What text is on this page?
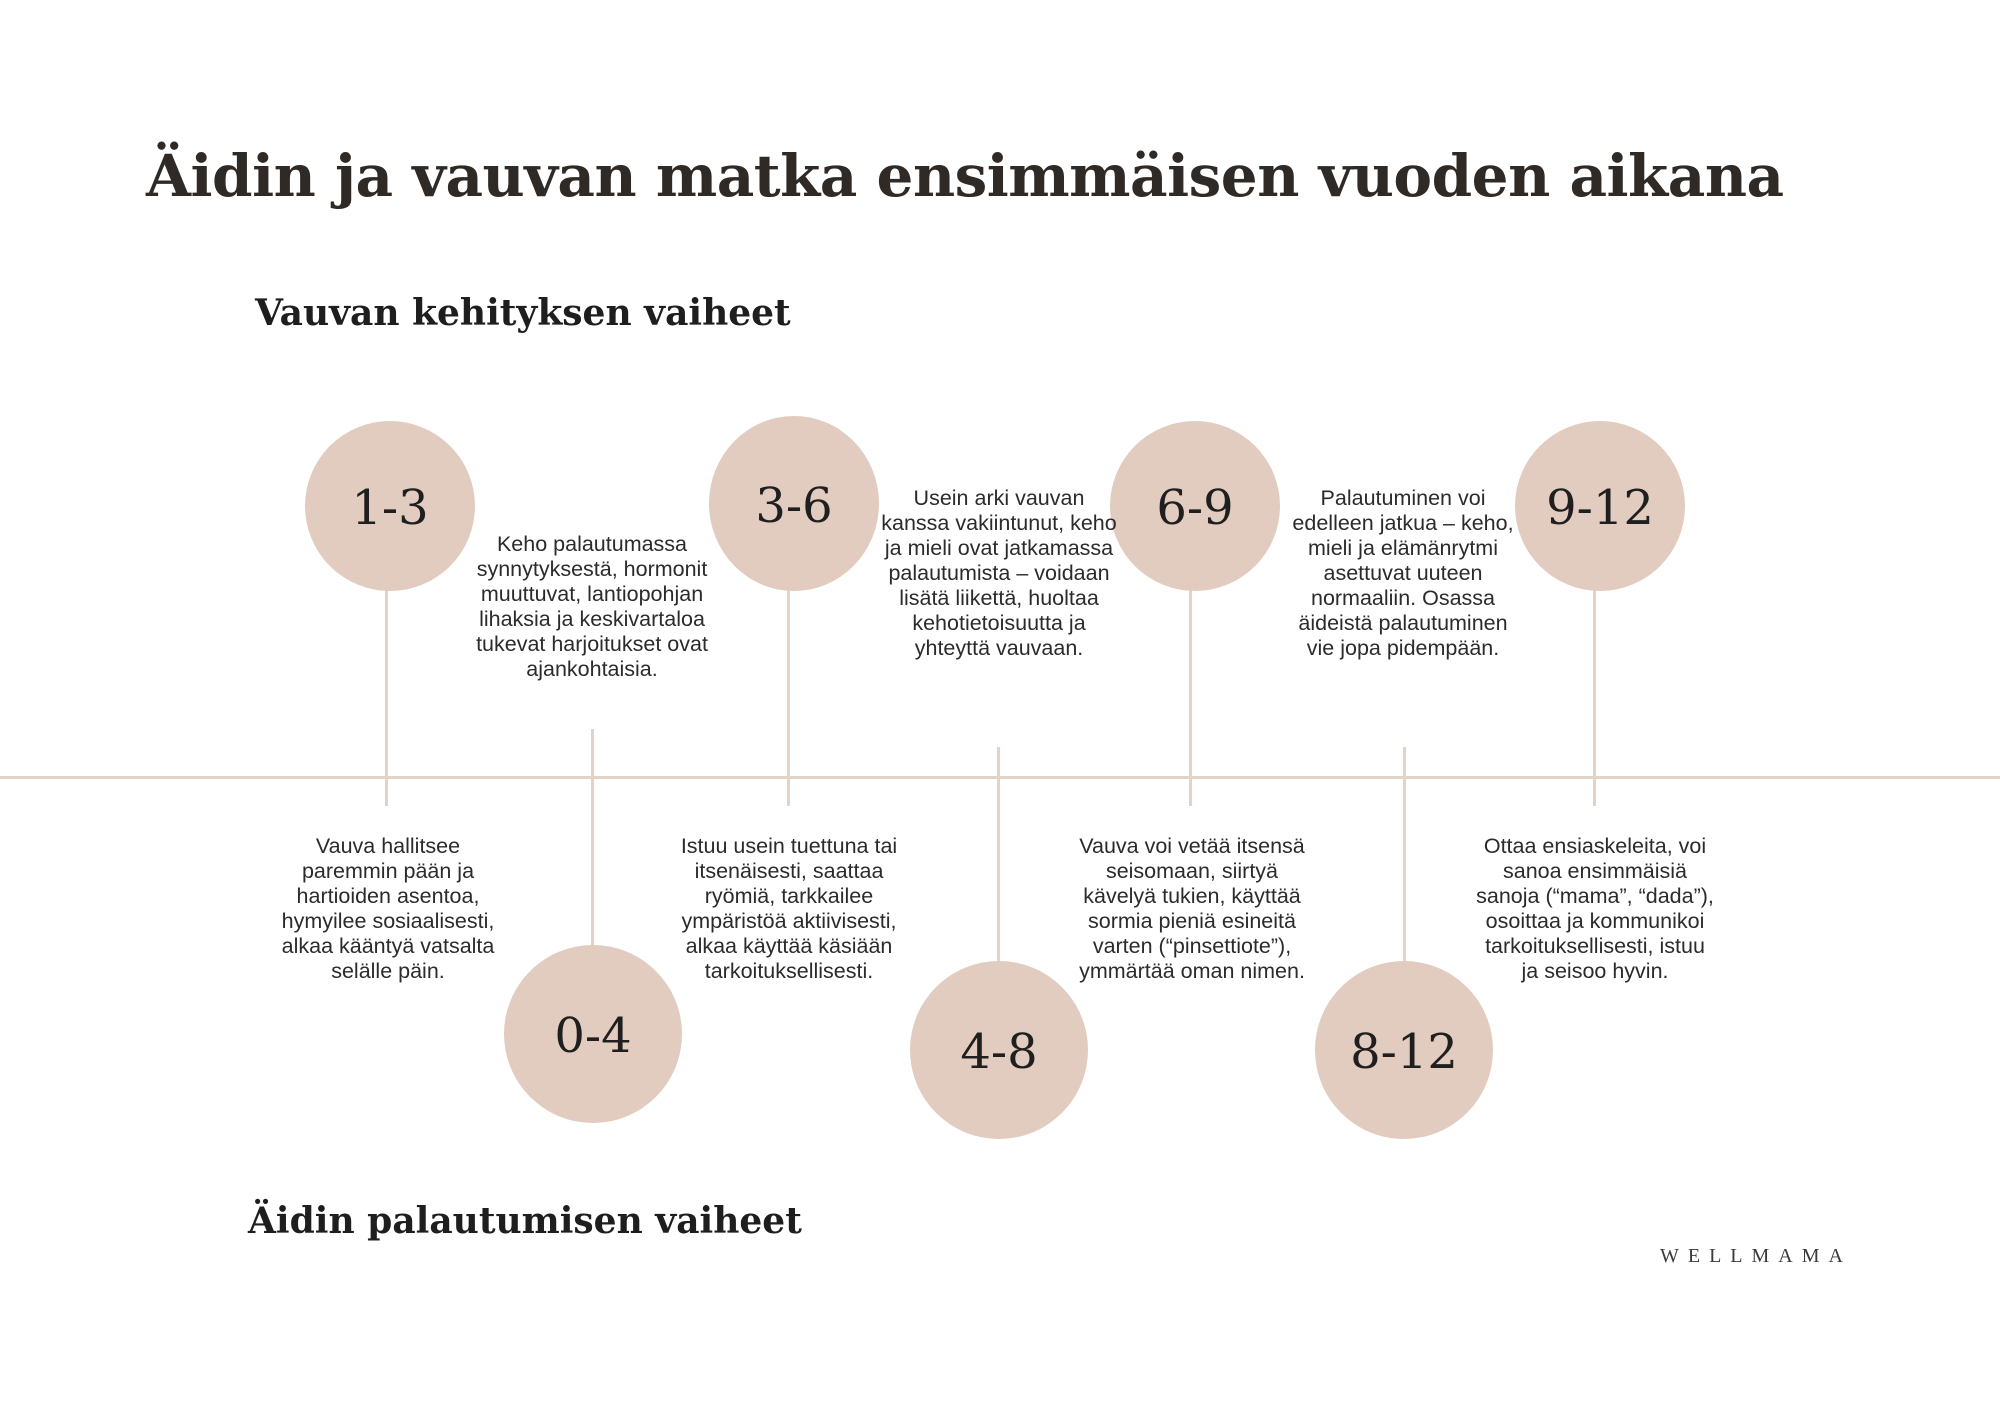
Äidin ja vauvan matka ensimmäisen vuoden aikana
Vauvan kehityksen vaiheet
1-3
Vauva hallitsee paremmin pään ja hartioiden asentoa, hymyilee sosiaalisesti, alkaa kääntyä vatsalta selälle päin.
3-6
Istuu usein tuettuna tai itsenäisesti, saattaa ryömiä, tarkkailee ympäristöä aktiivisesti, alkaa käyttää käsiään tarkoituksellisesti.
6-9
Vauva voi vetää itsensä seisomaan, siirtyä kävelyä tukien, käyttää sormia pieniä esineitä varten (“pinsettiote”), ymmärtää oman nimen.
9-12
Ottaa ensiaskeleita, voi sanoa ensimmäisiä sanoja (“mama”, “dada”), osoittaa ja kommunikoi tarkoituksellisesti, istuu ja seisoo hyvin.
Keho palautumassa synnytyksestä, hormonit muuttuvat, lantiopohjan lihaksia ja keskivartaloa tukevat harjoitukset ovat ajankohtaisia.
0-4
Usein arki vauvan kanssa vakiintunut, keho ja mieli ovat jatkamassa palautumista – voidaan lisätä liikettä, huoltaa kehotietoisuutta ja yhteyttä vauvaan.
4-8
Palautuminen voi edelleen jatkua – keho, mieli ja elämänrytmi asettuvat uuteen normaaliin. Osassa äideistä palautuminen vie jopa pidempään.
8-12
Äidin palautumisen vaiheet
WELLMAMA
